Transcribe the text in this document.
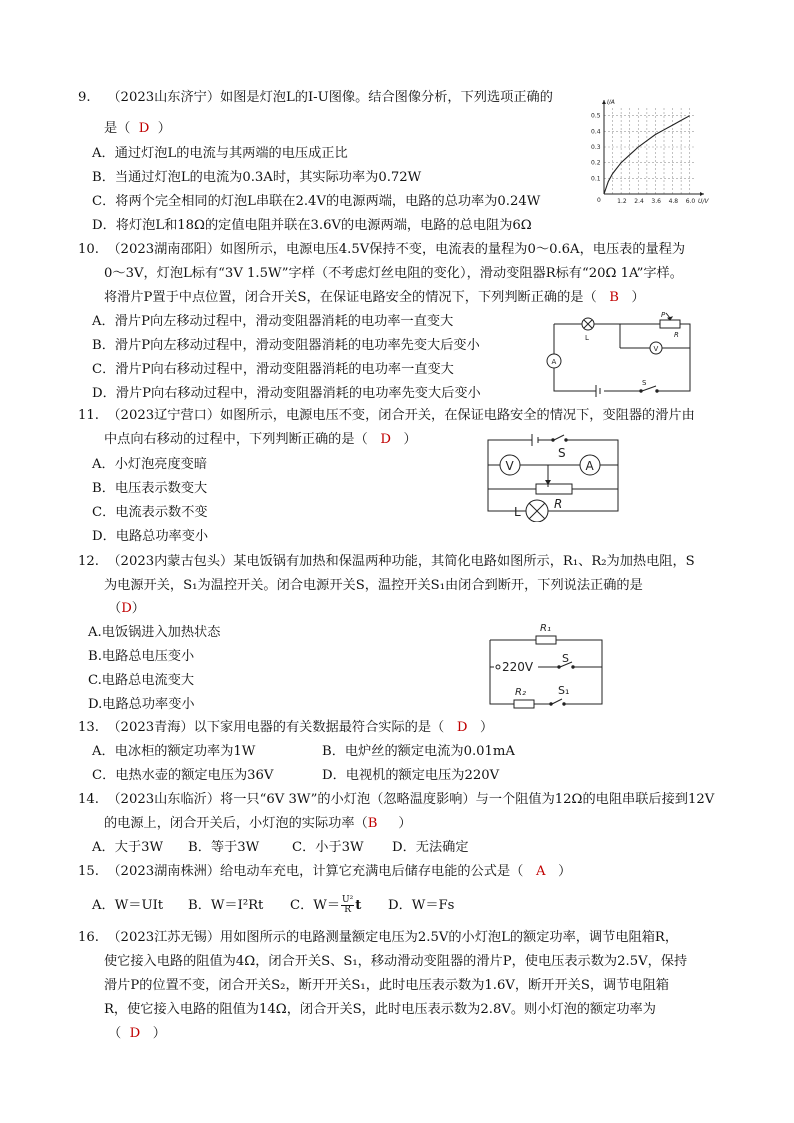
9. （2023山东济宁）如图是灯泡L的I-U图像。结合图像分析，下列选项正确的
是（ D ）
A．通过灯泡L的电流与其两端的电压成正比
B．当通过灯泡L的电流为0.3A时，其实际功率为0.72W
C．将两个完全相同的灯泡L串联在2.4V的电源两端，电路的总功率为0.24W
D．将灯泡L和18Ω的定值电阻并联在3.6V的电源两端，电路的总电阻为6Ω
1.2 2.4 3.6 4.8 6.0
0.1
0.2
0.3
0.4
0.5
0	U/V
I/A
10. （2023湖南邵阳）如图所示，电源电压4.5V保持不变，电流表的量程为0～0.6A，电压表的量程为
0～3V，灯泡L标有“3V 1.5W”字样（不考虑灯丝电阻的变化），滑动变阻器R标有“20Ω 1A”字样。
将滑片P置于中点位置，闭合开关S，在保证电路安全的情况下，下列判断正确的是（ B ）
A．滑片P向左移动过程中，滑动变阻器消耗的电功率一直变大
B．滑片P向左移动过程中，滑动变阻器消耗的电功率先变大后变小
C．滑片P向右移动过程中，滑动变阻器消耗的电功率一直变大
D．滑片P向右移动过程中，滑动变阻器消耗的电功率先变大后变小
L
P
R
V
A
S
11. （2023辽宁营口）如图所示，电源电压不变，闭合开关，在保证电路安全的情况下，变阻器的滑片由
中点向右移动的过程中，下列判断正确的是（ D ）
A．小灯泡亮度变暗
B．电压表示数变大
C．电流表示数不变
D．电路总功率变小
V
S
A
L
R
12. （2023内蒙古包头）某电饭锅有加热和保温两种功能，其简化电路如图所示，R₁、R₂为加热电阻，S
为电源开关，S₁为温控开关。闭合电源开关S，温控开关S₁由闭合到断开，下列说法正确的是
（D）
A.电饭锅进入加热状态
B.电路总电压变小
C.电路总电流变大
D.电路总功率变小
R₁
220V
S
R₂	S₁
13. （2023青海）以下家用电器的有关数据最符合实际的是（ D ）
A．电冰柜的额定功率为1W	B．电炉丝的额定电流为0.01mA
C．电热水壶的额定电压为36V	D．电视机的额定电压为220V
14. （2023山东临沂）将一只“6V 3W”的小灯泡（忽略温度影响）与一个阻值为12Ω的电阻串联后接到12V
的电源上，闭合开关后，小灯泡的实际功率（B ）
A．大于3W B．等于3W C．小于3W D．无法确定
15. （2023湖南株洲）给电动车充电，计算它充满电后储存电能的公式是（ A ）
A．W＝UIt B．W＝I²Rt C．$W= \frac{\text{U²}}{R}$ t D．W＝Fs
16. （2023江苏无锡）用如图所示的电路测量额定电压为2.5V的小灯泡L的额定功率，调节电阻箱R，
使它接入电路的阻值为4Ω，闭合开关S、S₁，移动滑动变阻器的滑片P，使电压表示数为2.5V，保持
滑片P的位置不变，闭合开关S₂，断开开关S₁，此时电压表示数为1.6V，断开开关S，调节电阻箱
R，使它接入电路的阻值为14Ω，闭合开关S，此时电压表示数为2.8V。则小灯泡的额定功率为
（ D ）
